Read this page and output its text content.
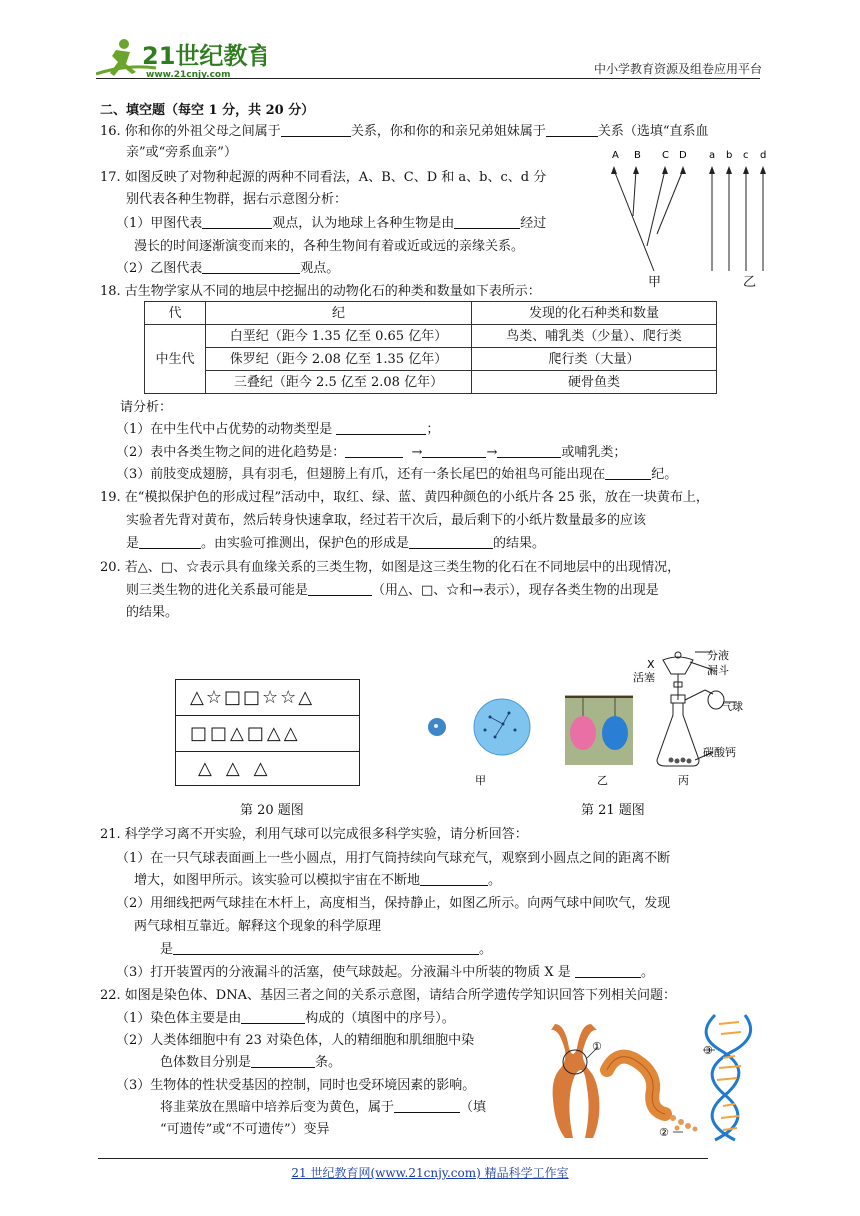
21世纪教育
www.21cnjy.com	中小学教育资源及组卷应用平台
二、填空题（每空 1 分，共 20 分）
16. 你和你的外祖父母之间属于	关系，你和你的和亲兄弟姐妹属于	关系（选填“直系血
亲”或“旁系血亲”）	A B C D a b c d
甲	乙
17. 如图反映了对物种起源的两种不同看法，A、B、C、D 和 a、b、c、d 分
别代表各种生物群，据右示意图分析：
（1）甲图代表	观点，认为地球上各种生物是由	经过
漫长的时间逐渐演变而来的，各种生物间有着或近或远的亲缘关系。
（2）乙图代表	观点。
18. 古生物学家从不同的地层中挖掘出的动物化石的种类和数量如下表所示：
代	纪	发现的化石种类和数量
中生代	白垩纪（距今 1.35 亿至 0.65 亿年）	鸟类、哺乳类（少量）、爬行类
	侏罗纪（距今 2.08 亿至 1.35 亿年）	爬行类（大量）
	三叠纪（距今 2.5 亿至 2.08 亿年）	硬骨鱼类
请分析：
（1）在中生代中占优势的动物类型是	；
（2）表中各类生物之间的进化趋势是：	→	→	或哺乳类；
（3）前肢变成翅膀，具有羽毛，但翅膀上有爪，还有一条长尾巴的始祖鸟可能出现在	纪。
19. 在“模拟保护色的形成过程”活动中，取红、绿、蓝、黄四种颜色的小纸片各 25 张，放在一块黄布上，
实验者先背对黄布，然后转身快速拿取，经过若干次后，最后剩下的小纸片数量最多的应该
是	。由实验可推测出，保护色的形成是	的结果。
20. 若△、□、☆表示具有血缘关系的三类生物，如图是这三类生物的化石在不同地层中的出现情况，
则三类生物的进化关系最可能是	（用△、□、☆和→表示），现存各类生物的出现是
的结果。
△☆□□☆☆△
□□△□△△
△△△
第 20 题图
X
活塞
分液
漏斗
气球
碳酸钙
甲	乙	丙
第 21 题图
21. 科学学习离不开实验，利用气球可以完成很多科学实验，请分析回答：
（1）在一只气球表面画上一些小圆点，用打气筒持续向气球充气，观察到小圆点之间的距离不断
增大，如图甲所示。该实验可以模拟宇宙在不断地	。
（2）用细线把两气球挂在木杆上，高度相当，保持静止，如图乙所示。向两气球中间吹气，发现
两气球相互靠近。解释这个现象的科学原理
是	。
（3）打开装置丙的分液漏斗的活塞，使气球鼓起。分液漏斗中所装的物质 X 是	。
22. 如图是染色体、DNA、基因三者之间的关系示意图，请结合所学遗传学知识回答下列相关问题：
（1）染色体主要是由	构成的（填图中的序号）。
（2）人类体细胞中有 23 对染色体，人的精细胞和肌细胞中染
色体数目分别是	条。
（3）生物体的性状受基因的控制，同时也受环境因素的影响。
将韭菜放在黑暗中培养后变为黄色，属于	（填
“可遗传”或“不可遗传”）变异
①
②
③
21 世纪教育网(www.21cnjy.com) 精品科学工作室
